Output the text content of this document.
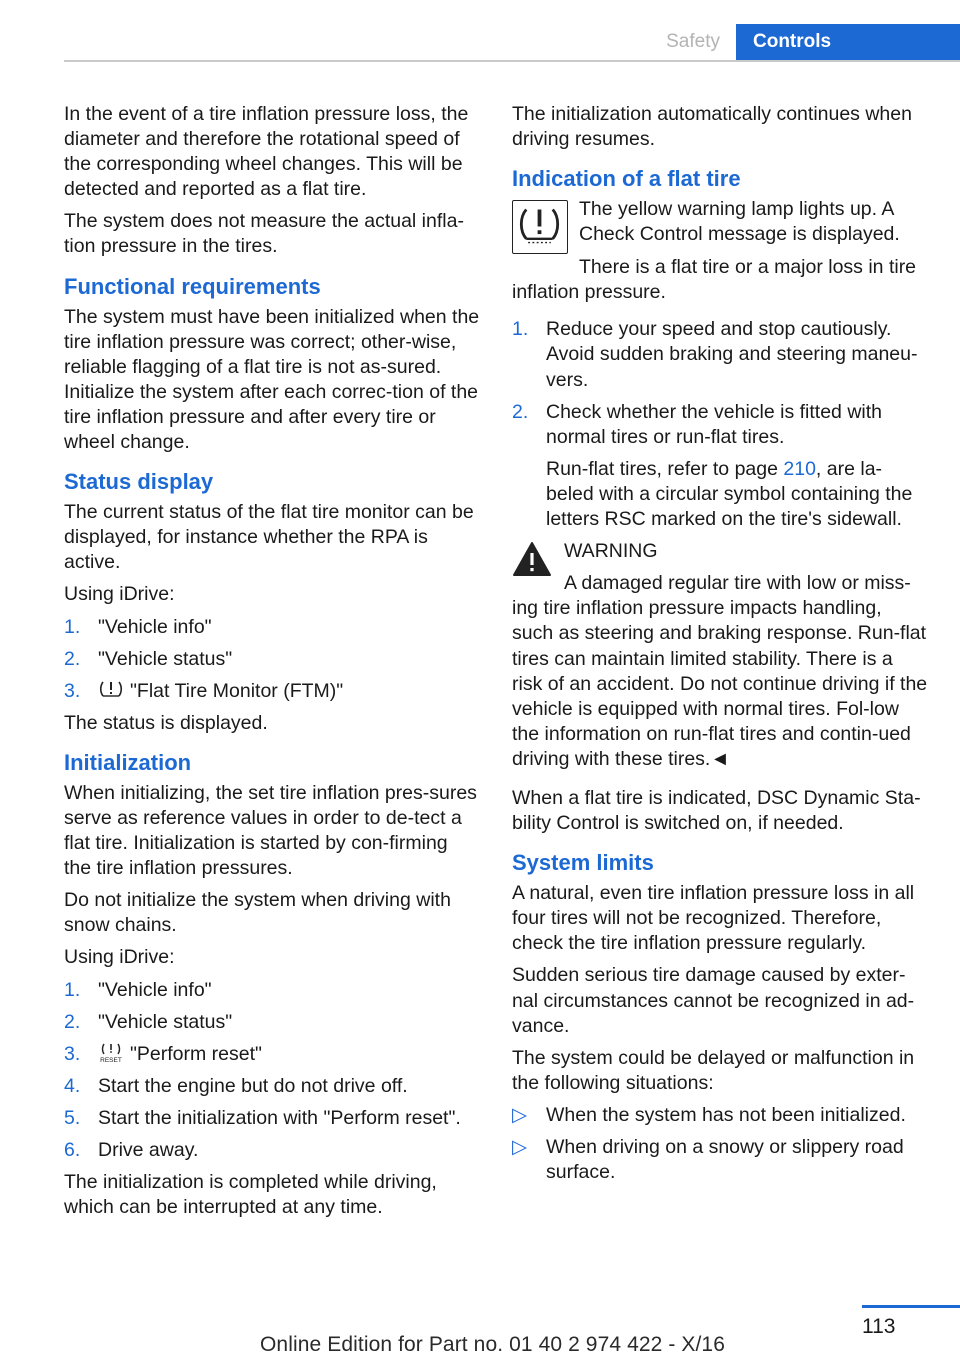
Safety	Controls

In the event of a tire inflation pressure loss, the diameter and therefore the rotational speed of the corresponding wheel changes. This will be detected and reported as a flat tire.

The system does not measure the actual infla-tion pressure in the tires.

Functional requirements

The system must have been initialized when the tire inflation pressure was correct; other-wise, reliable flagging of a flat tire is not as-sured. Initialize the system after each correc-tion of the tire inflation pressure and after every tire or wheel change.

Status display

The current status of the flat tire monitor can be displayed, for instance whether the RPA is active.

Using iDrive:

1. "Vehicle info"
2. "Vehicle status"
3.	"Flat Tire Monitor (FTM)"

The status is displayed.

Initialization

When initializing, the set tire inflation pres-sures serve as reference values in order to de-tect a flat tire. Initialization is started by con-firming the tire inflation pressures.

Do not initialize the system when driving with snow chains.

Using iDrive:

1. "Vehicle info"
2. "Vehicle status"
3.	RESET "Perform reset"
4. Start the engine but do not drive off.
5. Start the initialization with "Perform reset".
6. Drive away.

The initialization is completed while driving, which can be interrupted at any time.

The initialization automatically continues when driving resumes.

Indication of a flat tire

The yellow warning lamp lights up. A Check Control message is displayed.

There is a flat tire or a major loss in tire inflation pressure.

1. Reduce your speed and stop cautiously. Avoid sudden braking and steering maneu-vers.
2. Check whether the vehicle is fitted with normal tires or run-flat tires.

Run-flat tires, refer to page 210, are la-beled with a circular symbol containing the letters RSC marked on the tire's sidewall.

WARNING

A damaged regular tire with low or miss-ing tire inflation pressure impacts handling, such as steering and braking response. Run-flat tires can maintain limited stability. There is a risk of an accident. Do not continue driving if the vehicle is equipped with normal tires. Fol-low the information on run-flat tires and contin-ued driving with these tires.◄

When a flat tire is indicated, DSC Dynamic Sta-bility Control is switched on, if needed.

System limits

A natural, even tire inflation pressure loss in all four tires will not be recognized. Therefore, check the tire inflation pressure regularly.

Sudden serious tire damage caused by exter-nal circumstances cannot be recognized in ad-vance.

The system could be delayed or malfunction in the following situations:

▷ When the system has not been initialized.
▷ When driving on a snowy or slippery road surface.
113
Online Edition for Part no. 01 40 2 974 422 - X/16
